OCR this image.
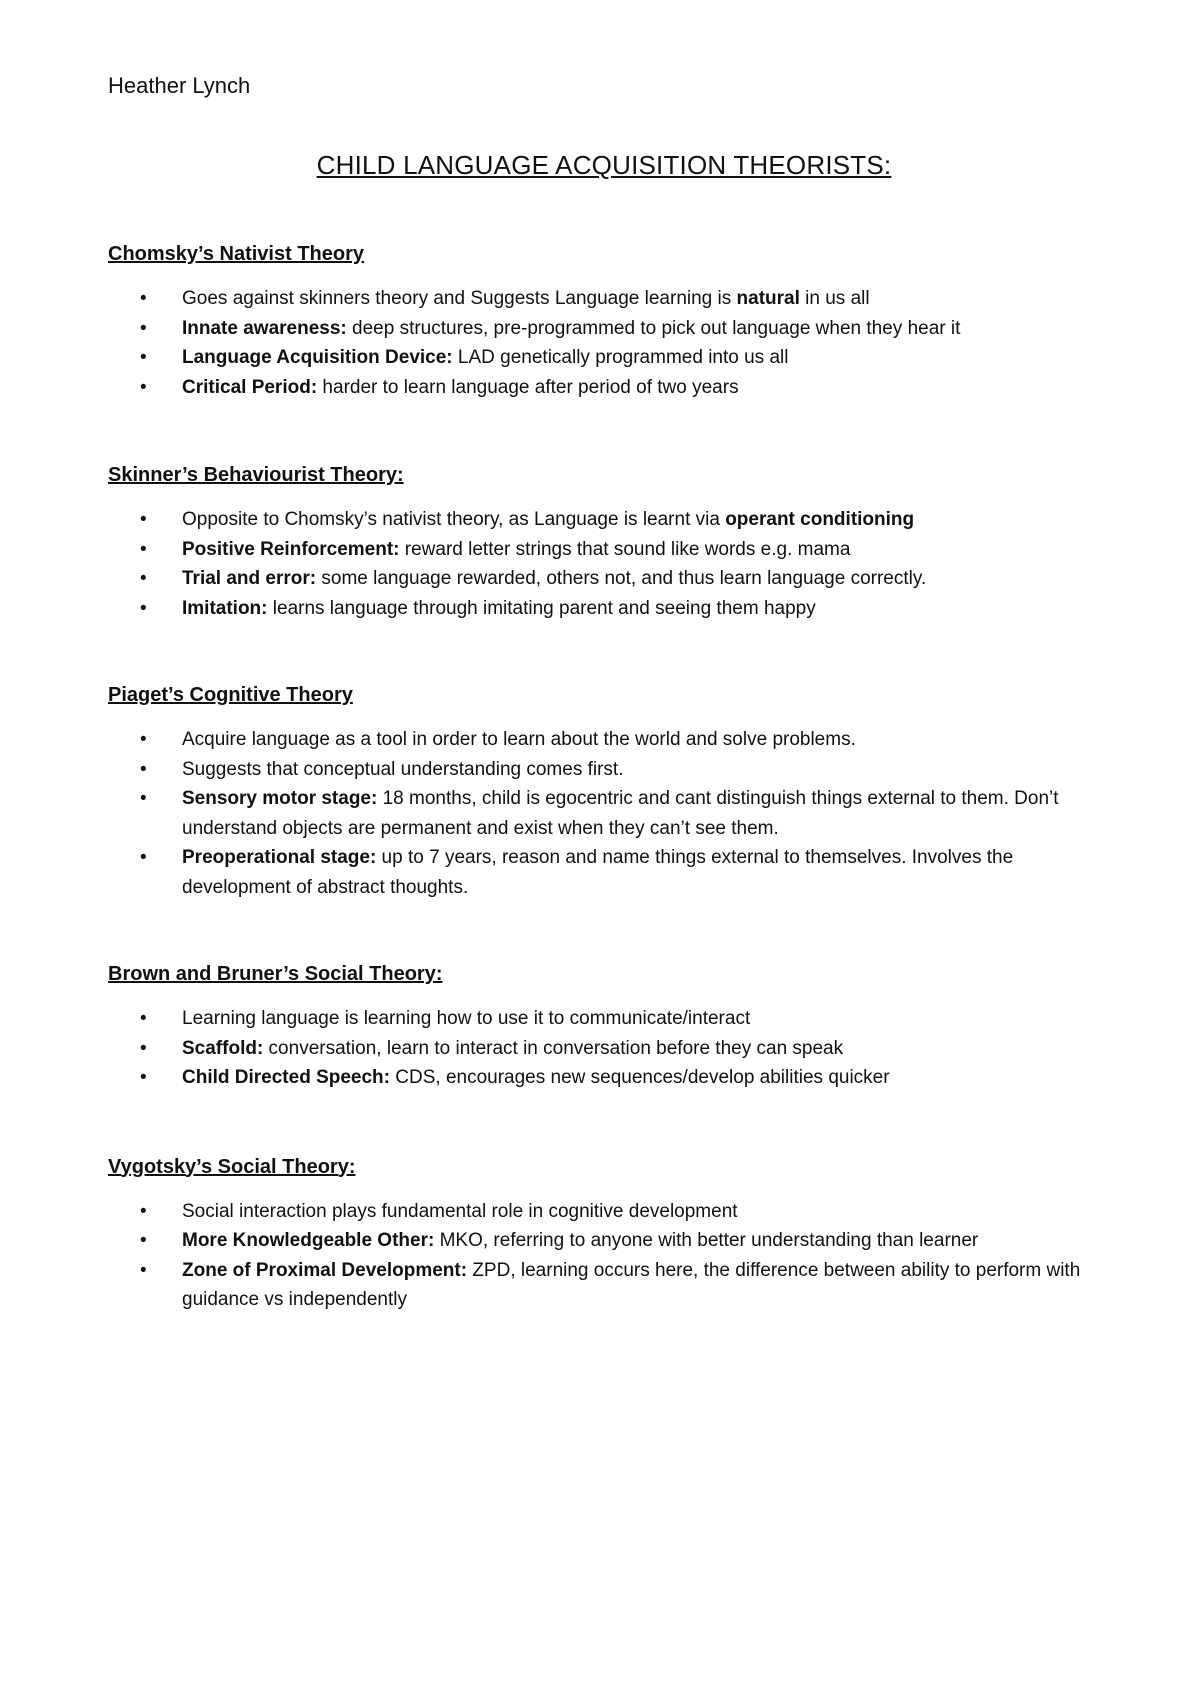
Heather Lynch

CHILD LANGUAGE ACQUISITION THEORISTS:
Chomsky’s Nativist Theory
• Goes against skinners theory and Suggests Language learning is natural in us all
• Innate awareness: deep structures, pre-programmed to pick out language when they hear it
• Language Acquisition Device: LAD genetically programmed into us all
• Critical Period: harder to learn language after period of two years
Skinner’s Behaviourist Theory:
• Opposite to Chomsky’s nativist theory, as Language is learnt via operant conditioning
• Positive Reinforcement: reward letter strings that sound like words e.g. mama
• Trial and error: some language rewarded, others not, and thus learn language correctly.
• Imitation: learns language through imitating parent and seeing them happy
Piaget’s Cognitive Theory
• Acquire language as a tool in order to learn about the world and solve problems.
• Suggests that conceptual understanding comes first.
• Sensory motor stage: 18 months, child is egocentric and cant distinguish things external to them. Don’t understand objects are permanent and exist when they can’t see them.
• Preoperational stage: up to 7 years, reason and name things external to themselves. Involves the development of abstract thoughts.
Brown and Bruner’s Social Theory:
• Learning language is learning how to use it to communicate/interact
• Scaffold: conversation, learn to interact in conversation before they can speak
• Child Directed Speech: CDS, encourages new sequences/develop abilities quicker
Vygotsky’s Social Theory:
• Social interaction plays fundamental role in cognitive development
• More Knowledgeable Other: MKO, referring to anyone with better understanding than learner
• Zone of Proximal Development: ZPD, learning occurs here, the difference between ability to perform with guidance vs independently
